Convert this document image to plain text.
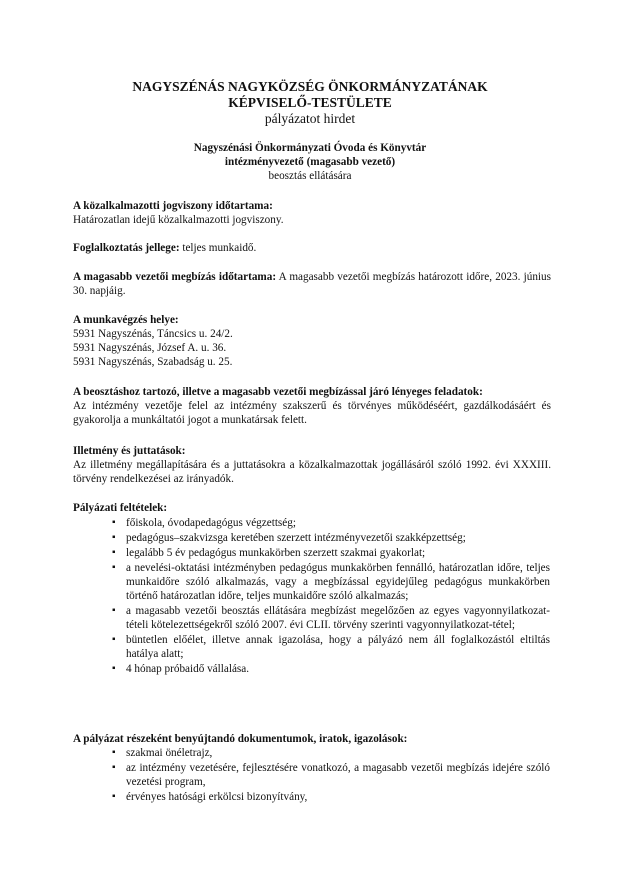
NAGYSZÉNÁS NAGYKÖZSÉG ÖNKORMÁNYZATÁNAK
KÉPVISELŐ-TESTÜLETE
pályázatot hirdet
Nagyszénási Önkormányzati Óvoda és Könyvtár
intézményvezető (magasabb vezető)
beosztás ellátására
A közalkalmazotti jogviszony időtartama:
Határozatlan idejű közalkalmazotti jogviszony.
Foglalkoztatás jellege: teljes munkaidő.
A magasabb vezetői megbízás időtartama: A magasabb vezetői megbízás határozott időre, 2023. június 30. napjáig.
A munkavégzés helye:
5931 Nagyszénás, Táncsics u. 24/2.
5931 Nagyszénás, József A. u. 36.
5931 Nagyszénás, Szabadság u. 25.
A beosztáshoz tartozó, illetve a magasabb vezetői megbízással járó lényeges feladatok:
Az intézmény vezetője felel az intézmény szakszerű és törvényes működéséért, gazdálkodásáért és gyakorolja a munkáltatói jogot a munkatársak felett.
Illetmény és juttatások:
Az illetmény megállapítására és a juttatásokra a közalkalmazottak jogállásáról szóló 1992. évi XXXIII. törvény rendelkezései az irányadók.
Pályázati feltételek:
▪ főiskola, óvodapedagógus végzettség;
▪ pedagógus–szakvizsga keretében szerzett intézményvezetői szakképzettség;
▪ legalább 5 év pedagógus munkakörben szerzett szakmai gyakorlat;
▪ a nevelési-oktatási intézményben pedagógus munkakörben fennálló, határozatlan időre, teljes munkaidőre szóló alkalmazás, vagy a megbízással egyidejűleg pedagógus munkakörben történő határozatlan időre, teljes munkaidőre szóló alkalmazás;
▪ a magasabb vezetői beosztás ellátására megbízást megelőzően az egyes vagyonnyilatkozat-tételi kötelezettségekről szóló 2007. évi CLII. törvény szerinti vagyonnyilatkozat-tétel;
▪ büntetlen előélet, illetve annak igazolása, hogy a pályázó nem áll foglalkozástól eltiltás hatálya alatt;
▪ 4 hónap próbaidő vállalása.
A pályázat részeként benyújtandó dokumentumok, iratok, igazolások:
▪ szakmai önéletrajz,
▪ az intézmény vezetésére, fejlesztésére vonatkozó, a magasabb vezetői megbízás idejére szóló vezetési program,
▪ érvényes hatósági erkölcsi bizonyítvány,
